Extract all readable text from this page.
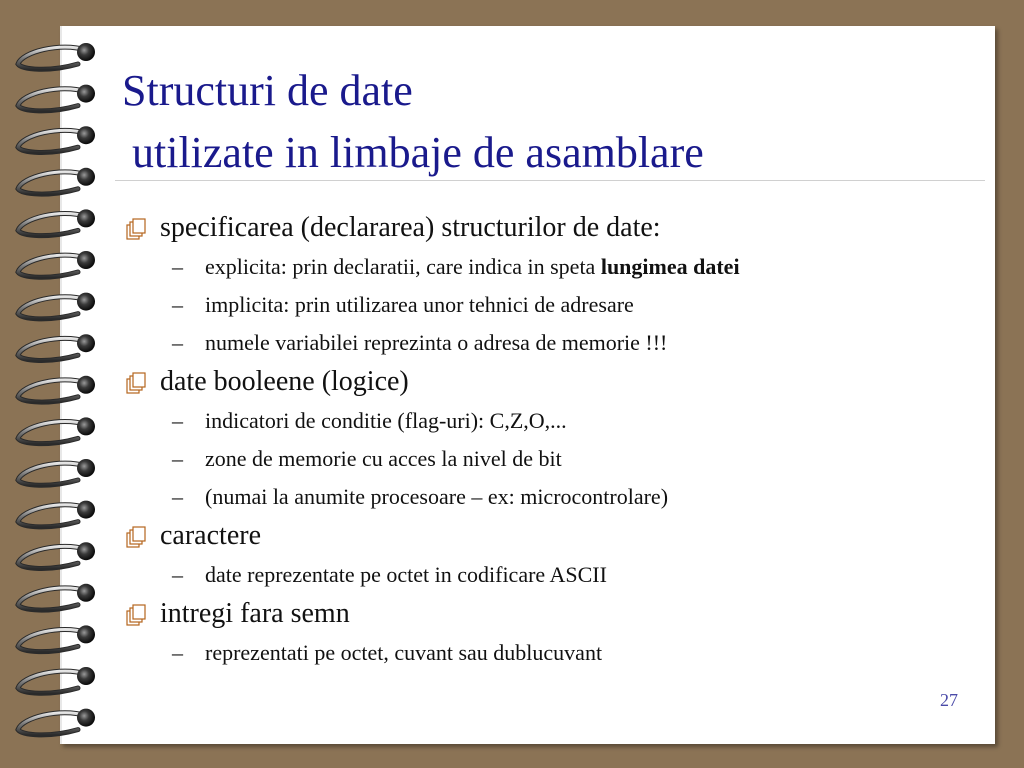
Structuri de date
utilizate in limbaje de asamblare

specificarea (declararea) structurilor de date:

– explicita: prin declaratii, care indica in speta lungimea datei

– implicita: prin utilizarea unor tehnici de adresare

– numele variabilei reprezinta o adresa de memorie !!!

date booleene (logice)

– indicatori de conditie (flag-uri): C,Z,O,...

– zone de memorie cu acces la nivel de bit

– (numai la anumite procesoare – ex: microcontrolare)

caractere

– date reprezentate pe octet in codificare ASCII

intregi fara semn

– reprezentati pe octet, cuvant sau dublucuvant

27
